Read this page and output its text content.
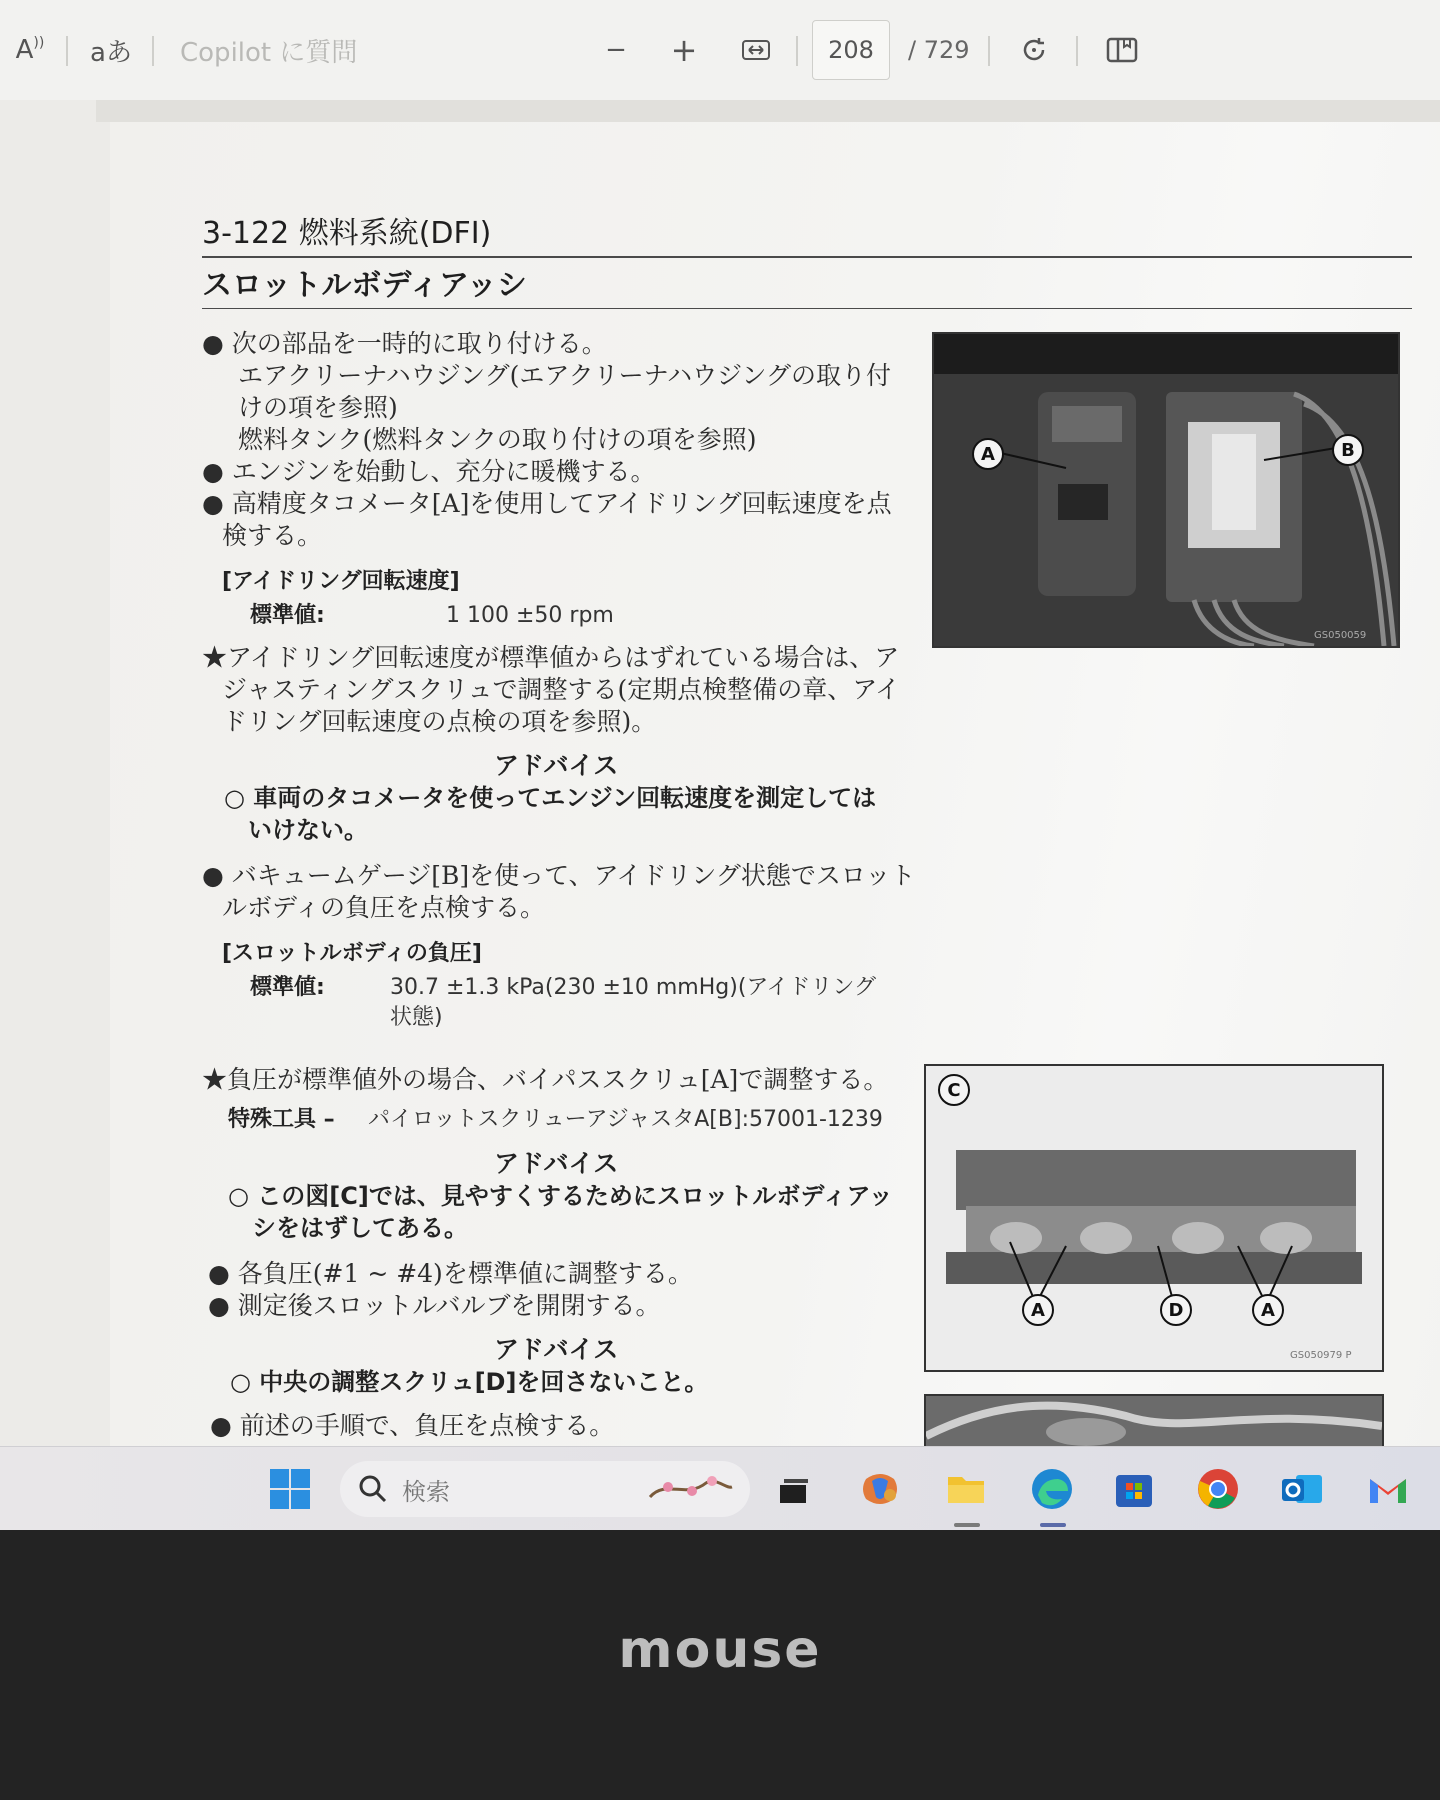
A )) aあ Copilot に質問	− +	208	/ 729
3-122 燃料系統(DFI)
スロットルボディアッシ
● 次の部品を一時的に取り付ける。
エアクリーナハウジング(エアクリーナハウジングの取り付
けの項を参照)
燃料タンク(燃料タンクの取り付けの項を参照)
● エンジンを始動し、充分に暖機する。
● 高精度タコメータ[A]を使用してアイドリング回転速度を点
検する。
[アイドリング回転速度]
標準値:	1 100 ±50 rpm
★アイドリング回転速度が標準値からはずれている場合は、ア
ジャスティングスクリュで調整する(定期点検整備の章、アイ
ドリング回転速度の点検の項を参照)。
アドバイス
○ 車両のタコメータを使ってエンジン回転速度を測定しては
いけない。
● バキュームゲージ[B]を使って、アイドリング状態でスロット
ルボディの負圧を点検する。
[スロットルボディの負圧]
標準値:	30.7 ±1.3 kPa(230 ±10 mmHg)(アイドリング
状態)
★負圧が標準値外の場合、バイパススクリュ[A]で調整する。
特殊工具 – パイロットスクリューアジャスタA[B]:57001-1239
アドバイス
○ この図[C]では、見やすくするためにスロットルボディアッ
シをはずしてある。
● 各負圧(#1 ~ #4)を標準値に調整する。
● 測定後スロットルバルブを開閉する。
アドバイス
○ 中央の調整スクリュ[D]を回さないこと。
● 前述の手順で、負圧を点検する。
A	B
GS050059
C
A	D	A
GS050979 P
検索
mouse
